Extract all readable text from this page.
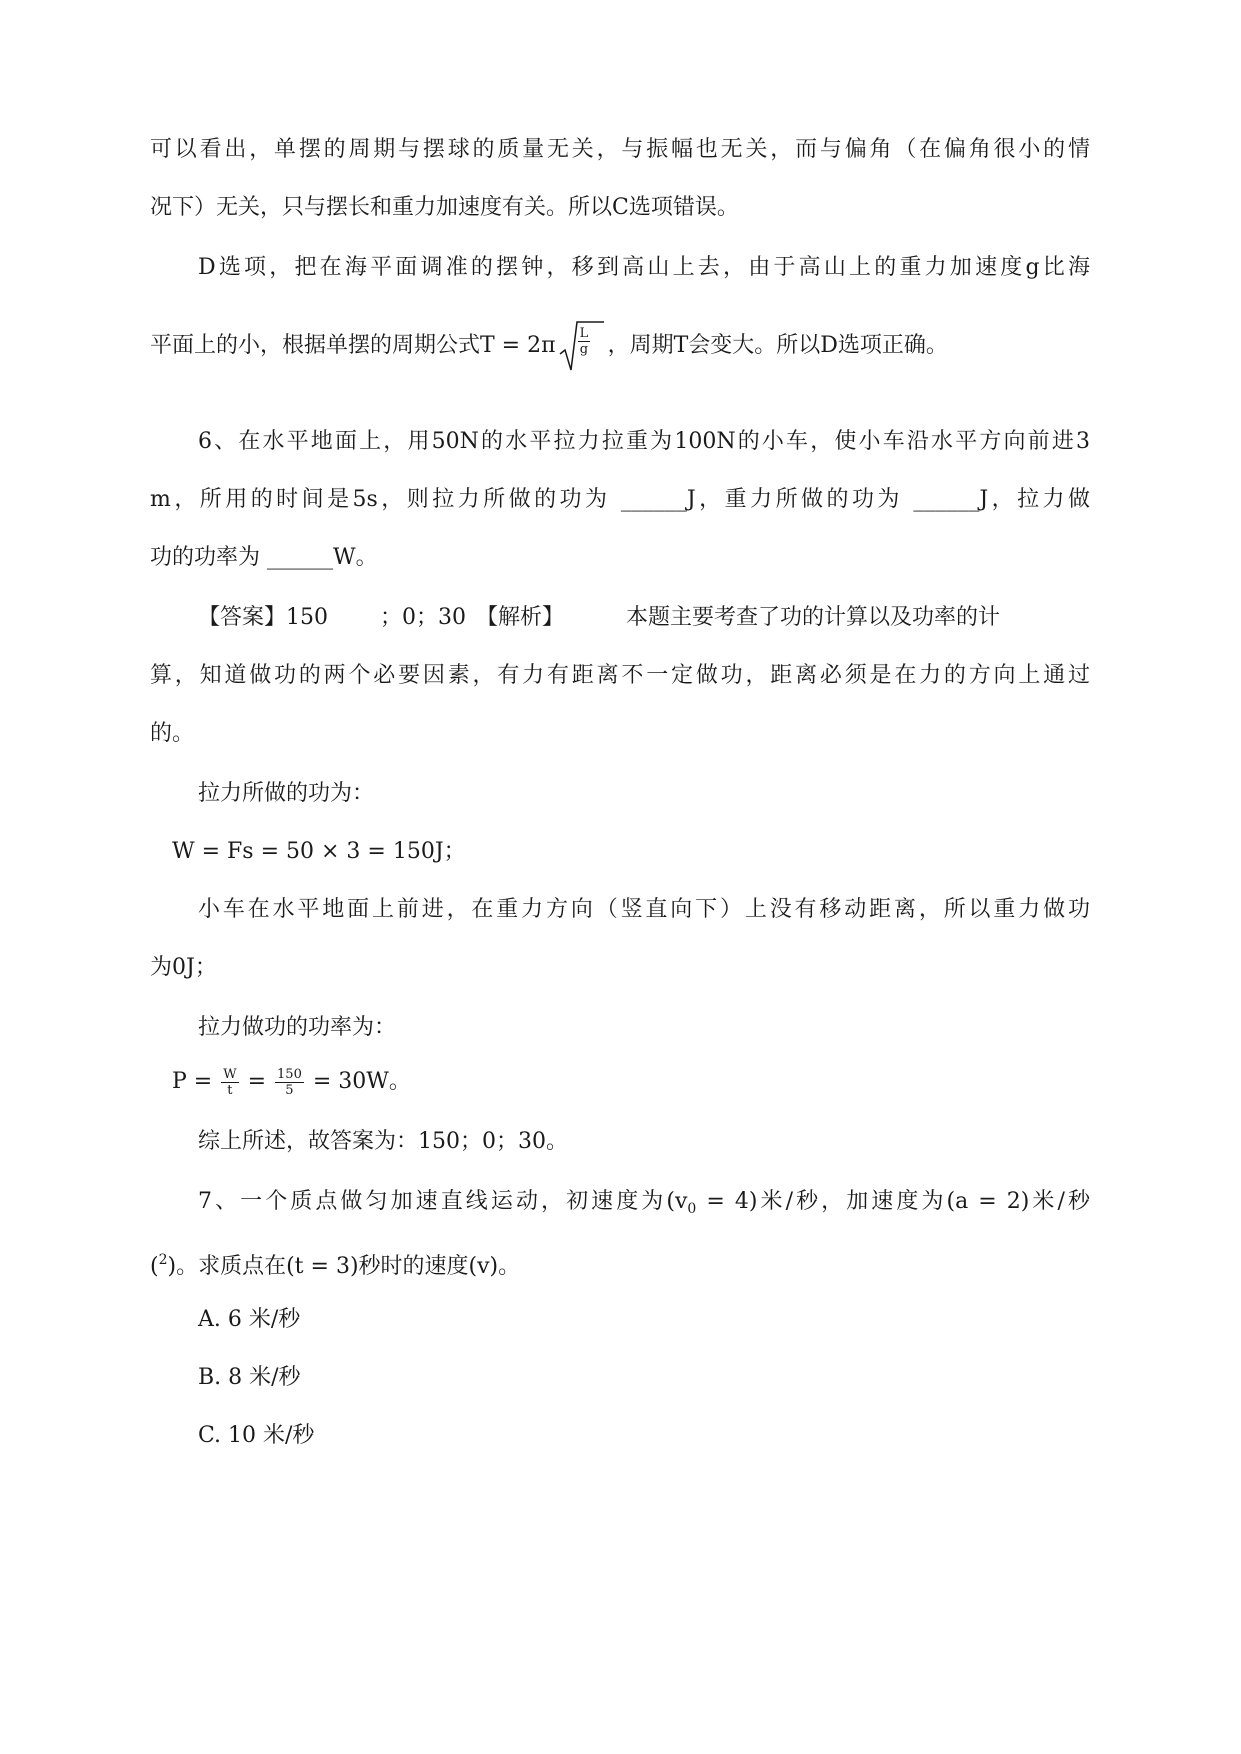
可以看出，单摆的周期与摆球的质量无关，与振幅也无关，而与偏角（在偏角很小的情
况下）无关，只与摆长和重力加速度有关。所以C选项错误。
D选项，把在海平面调准的摆钟，移到高山上去，由于高山上的重力加速度g比海
平面上的小，根据单摆的周期公式$T = 2\pi \frac{L}{g}$ ，周期T会变大。所以D选项正确。
6、在水平地面上，用50N的水平拉力拉重为100N的小车，使小车沿水平方向前进3
m，所用的时间是5s，则拉力所做的功为 ______J，重力所做的功为 ______J，拉力做
功的功率为 ______W。
【答案】150 ；0；30 【解析】	本题主要考查了功的计算以及功率的计
算，知道做功的两个必要因素，有力有距离不一定做功，距离必须是在力的方向上通过
的。
拉力所做的功为：
W = Fs = 50 × 3 = 150J；
小车在水平地面上前进，在重力方向（竖直向下）上没有移动距离，所以重力做功
为0J；
拉力做功的功率为：
$P = \frac{W}{t} = \frac{150}{5} = 30W$。
综上所述，故答案为：150；0；30。
7、一个质点做匀加速直线运动，初速度为$(v_0 = 4)$米/秒，加速度为(a = 2)米/秒
($^2$)。求质点在(t = 3)秒时的速度(v)。
A. 6 米/秒
B. 8 米/秒
C. 10 米/秒
